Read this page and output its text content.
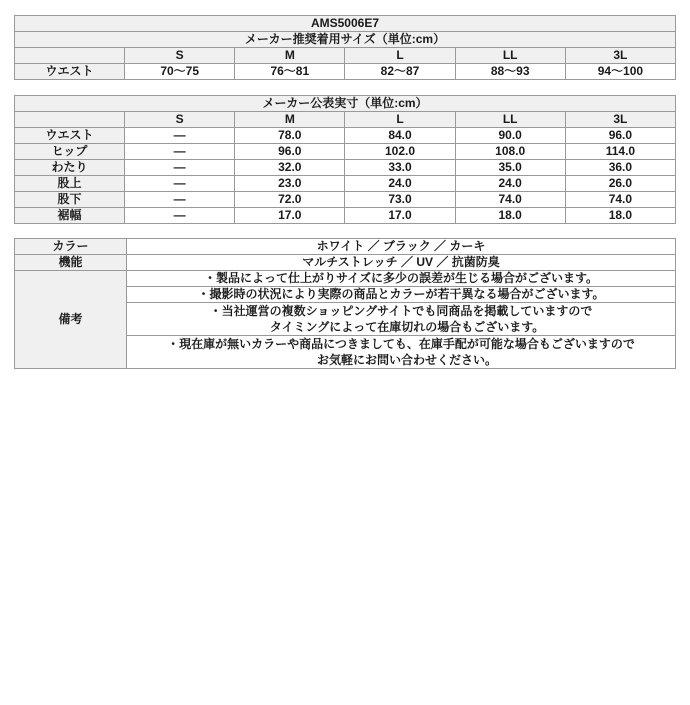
AMS5006E7					
メーカー推奨着用サイズ（単位:cm）					
	S	M	L	LL	3L
ウエスト	70～75	76～81	82～87	88～93	94～100
メーカー公表実寸（単位:cm）					
	S	M	L	LL	3L
ウエスト	―	78.0	84.0	90.0	96.0
ヒップ	―	96.0	102.0	108.0	114.0
わたり	―	32.0	33.0	35.0	36.0
股上	―	23.0	24.0	24.0	26.0
股下	―	72.0	73.0	74.0	74.0
裾幅	―	17.0	17.0	18.0	18.0
カラー	ホワイト ／ ブラック ／ カーキ
機能	マルチストレッチ ／ UV ／ 抗菌防臭
備考	・製品によって仕上がりサイズに多少の誤差が生じる場合がございます。
	・撮影時の状況により実際の商品とカラーが若干異なる場合がございます。

	・当社運営の複数ショッピングサイトでも同商品を掲載していますので
　タイミングによって在庫切れの場合もございます。

	・現在庫が無いカラーや商品につきましても、在庫手配が可能な場合もございますので
　お気軽にお問い合わせください。
